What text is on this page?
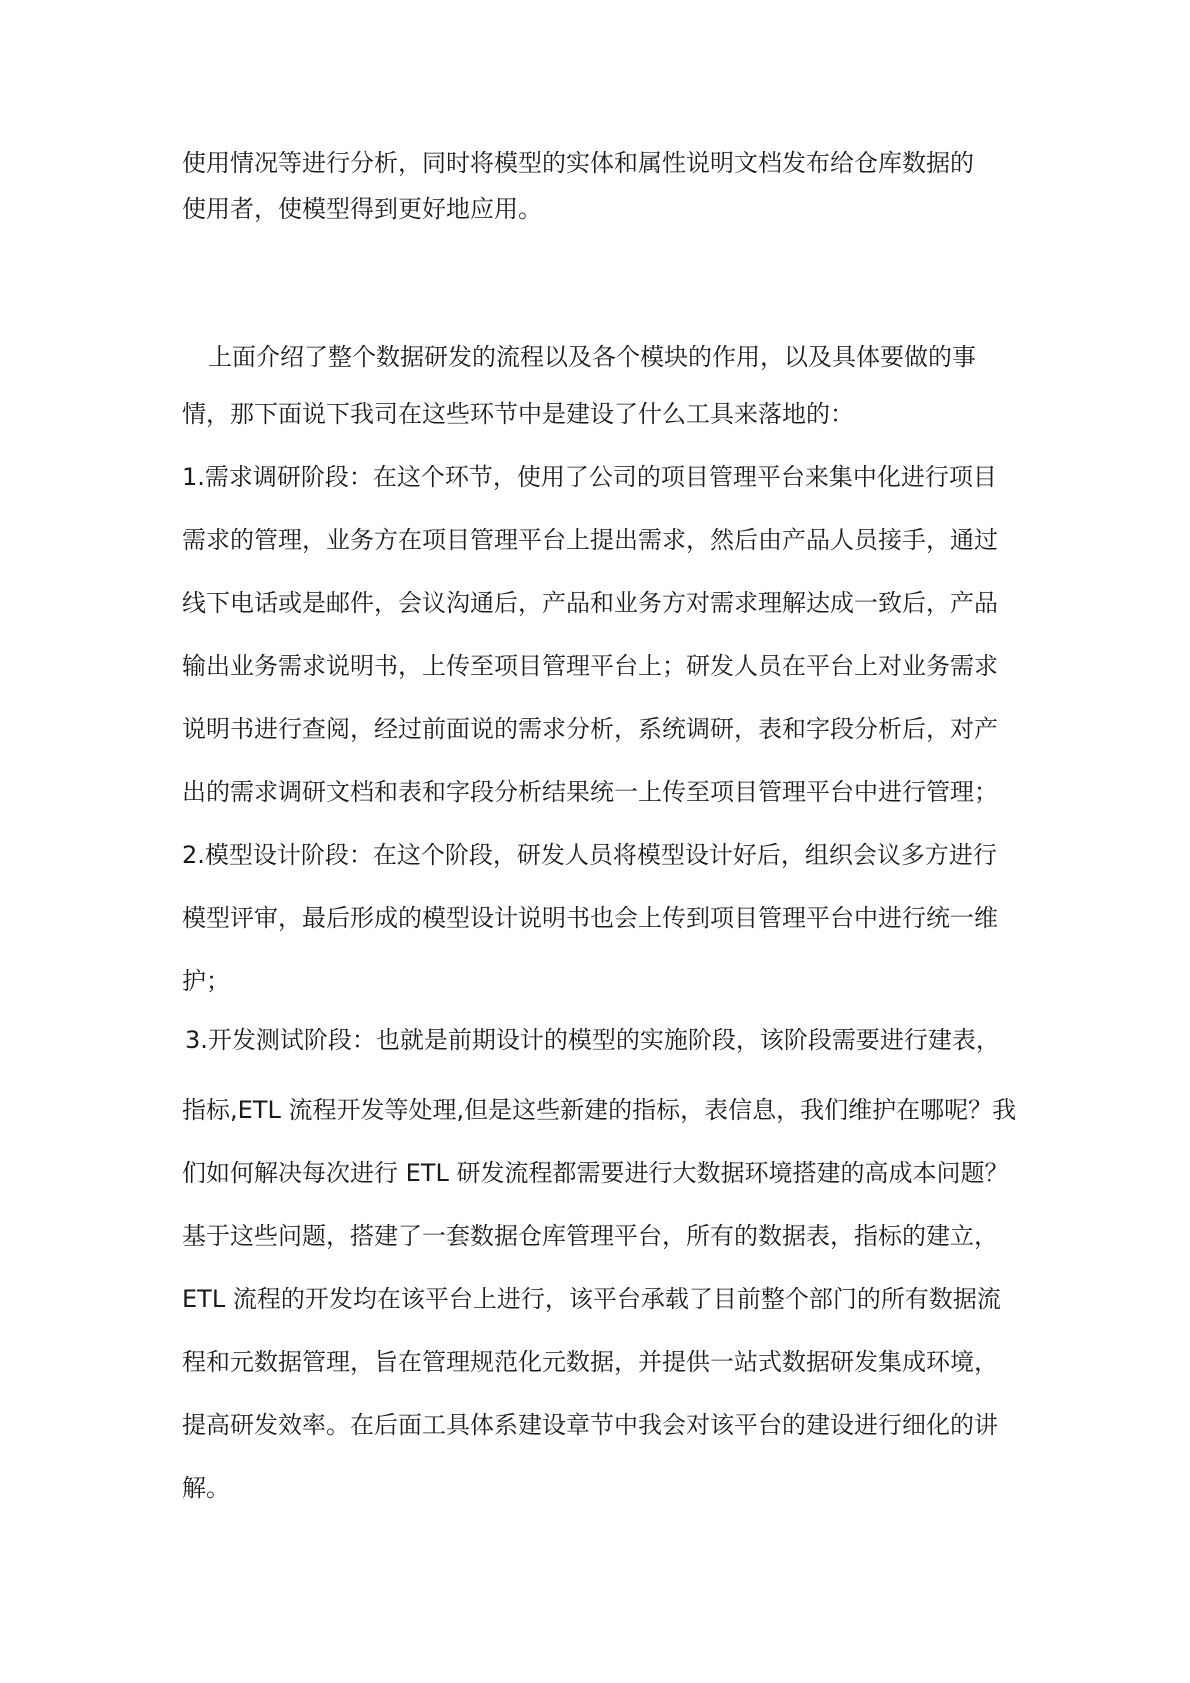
使用情况等进行分析，同时将模型的实体和属性说明文档发布给仓库数据的
使用者，使模型得到更好地应用。
上面介绍了整个数据研发的流程以及各个模块的作用，以及具体要做的事
情，那下面说下我司在这些环节中是建设了什么工具来落地的：
1.需求调研阶段：在这个环节，使用了公司的项目管理平台来集中化进行项目
需求的管理，业务方在项目管理平台上提出需求，然后由产品人员接手，通过
线下电话或是邮件，会议沟通后，产品和业务方对需求理解达成一致后，产品
输出业务需求说明书，上传至项目管理平台上；研发人员在平台上对业务需求
说明书进行查阅，经过前面说的需求分析，系统调研，表和字段分析后，对产
出的需求调研文档和表和字段分析结果统一上传至项目管理平台中进行管理；
2.模型设计阶段：在这个阶段，研发人员将模型设计好后，组织会议多方进行
模型评审，最后形成的模型设计说明书也会上传到项目管理平台中进行统一维
护；
3.开发测试阶段：也就是前期设计的模型的实施阶段，该阶段需要进行建表，
指标,ETL 流程开发等处理,但是这些新建的指标，表信息，我们维护在哪呢？我
们如何解决每次进行 ETL 研发流程都需要进行大数据环境搭建的高成本问题？
基于这些问题，搭建了一套数据仓库管理平台，所有的数据表，指标的建立，
ETL 流程的开发均在该平台上进行，该平台承载了目前整个部门的所有数据流
程和元数据管理，旨在管理规范化元数据，并提供一站式数据研发集成环境，
提高研发效率。在后面工具体系建设章节中我会对该平台的建设进行细化的讲
解。
